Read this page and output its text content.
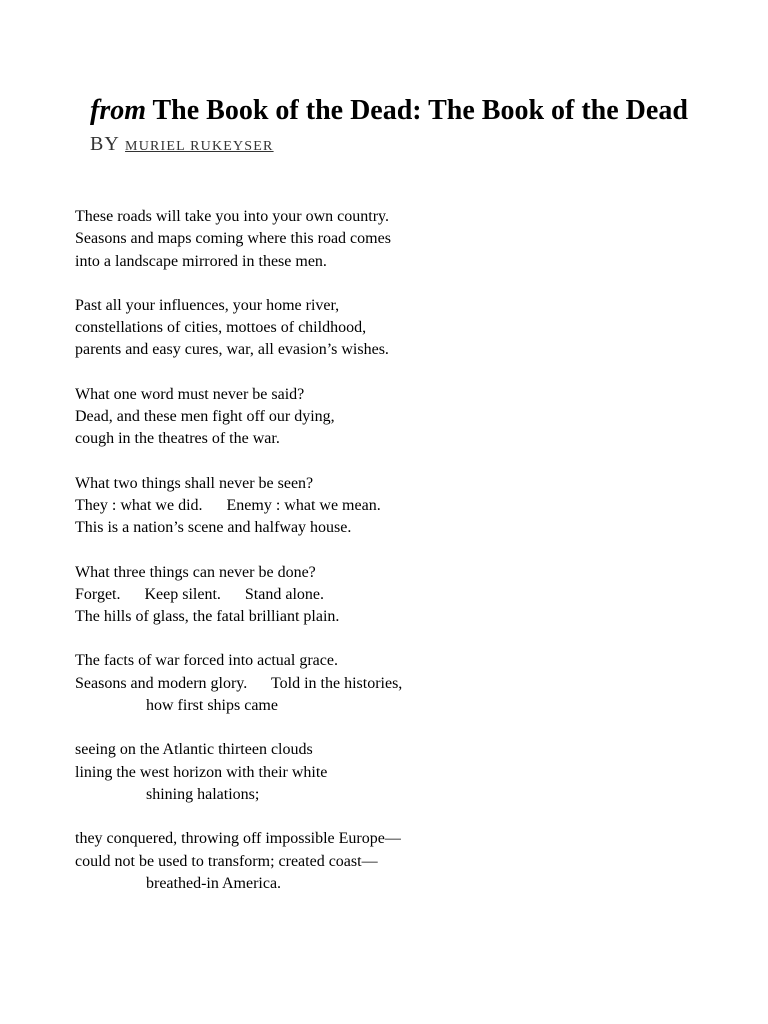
from The Book of the Dead: The Book of the Dead
BY MURIEL RUKEYSER
These roads will take you into your own country.
Seasons and maps coming where this road comes
into a landscape mirrored in these men.
Past all your influences, your home river,
constellations of cities, mottoes of childhood,
parents and easy cures, war, all evasion’s wishes.
What one word must never be said?
Dead, and these men fight off our dying,
cough in the theatres of the war.
What two things shall never be seen?
They : what we did.      Enemy : what we mean.
This is a nation’s scene and halfway house.
What three things can never be done?
Forget.      Keep silent.      Stand alone.
The hills of glass, the fatal brilliant plain.
The facts of war forced into actual grace.
Seasons and modern glory.      Told in the histories,
how first ships came
seeing on the Atlantic thirteen clouds
lining the west horizon with their white
shining halations;
they conquered, throwing off impossible Europe—
could not be used to transform; created coast—
breathed-in America.
